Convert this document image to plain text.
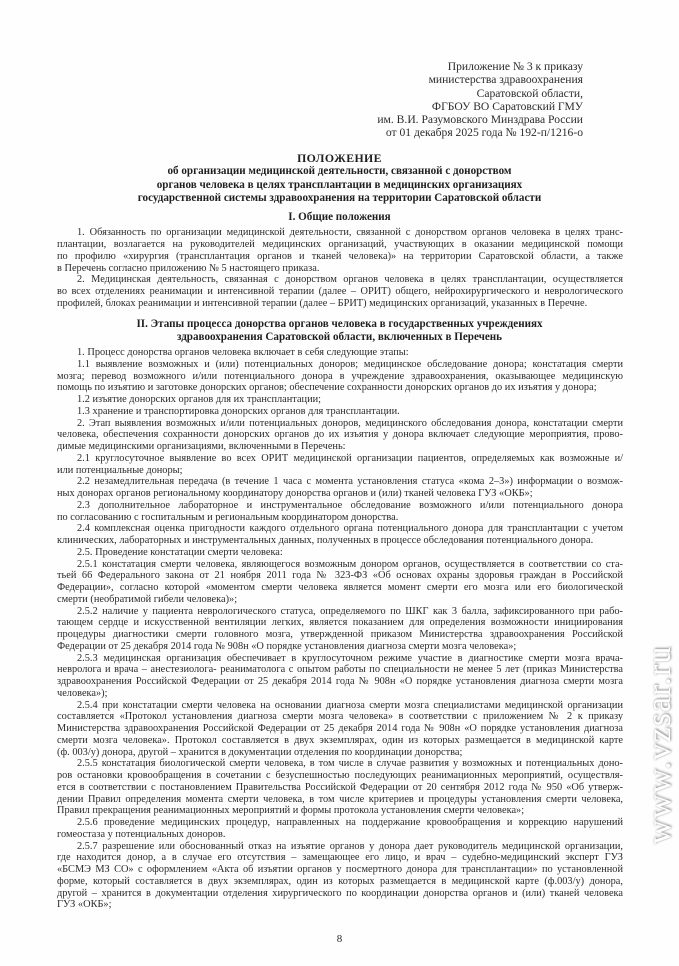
Приложение № 3 к приказу
министерства здравоохранения
Саратовской области,
ФГБОУ ВО Саратовский ГМУ
им. В.И. Разумовского Минздрава России
от 01 декабря 2025 года № 192-п/1216-о
ПОЛОЖЕНИЕ
об организации медицинской деятельности, связанной с донорством
органов человека в целях трансплантации в медицинских организациях
государственной системы здравоохранения на территории Саратовской области
I. Общие положения
1. Обязанность по организации медицинской деятельности, связанной с донорством органов человека в целях транс-
плантации, возлагается на руководителей медицинских организаций, участвующих в оказании медицинской помощи
по профилю «хирургия (трансплантация органов и тканей человека)» на территории Саратовской области, а также
в Перечень согласно приложению № 5 настоящего приказа.
2. Медицинская деятельность, связанная с донорством органов человека в целях трансплантации, осуществляется
во всех отделениях реанимации и интенсивной терапии (далее – ОРИТ) общего, нейрохирургического и неврологического
профилей, блоках реанимации и интенсивной терапии (далее – БРИТ) медицинских организаций, указанных в Перечне.
II. Этапы процесса донорства органов человека в государственных учреждениях
здравоохранения Саратовской области, включенных в Перечень
1. Процесс донорства органов человека включает в себя следующие этапы:
1.1 выявление возможных и (или) потенциальных доноров; медицинское обследование донора; констатация смерти
мозга; перевод возможного и/или потенциального донора в учреждение здравоохранения, оказывающее медицинскую
помощь по изъятию и заготовке донорских органов; обеспечение сохранности донорских органов до их изъятия у донора;
1.2 изъятие донорских органов для их трансплантации;
1.3 хранение и транспортировка донорских органов для трансплантации.
2. Этап выявления возможных и/или потенциальных доноров, медицинского обследования донора, констатации смерти
человека, обеспечения сохранности донорских органов до их изъятия у донора включает следующие мероприятия, прово-
димые медицинскими организациями, включенными в Перечень:
2.1 круглосуточное выявление во всех ОРИТ медицинской организации пациентов, определяемых как возможные и/
или потенциальные доноры;
2.2 незамедлительная передача (в течение 1 часа с момента установления статуса «кома 2–3») информации о возмож-
ных донорах органов региональному координатору донорства органов и (или) тканей человека ГУЗ «ОКБ»;
2.3 дополнительное лабораторное и инструментальное обследование возможного и/или потенциального донора
по согласованию с госпитальным и региональным координатором донорства.
2.4 комплексная оценка пригодности каждого отдельного органа потенциального донора для трансплантации с учетом
клинических, лабораторных и инструментальных данных, полученных в процессе обследования потенциального донора.
2.5. Проведение констатации смерти человека:
2.5.1 констатация смерти человека, являющегося возможным донором органов, осуществляется в соответствии со ста-
тьей 66 Федерального закона от 21 ноября 2011 года № 323-ФЗ «Об основах охраны здоровья граждан в Российской
Федерации», согласно которой «моментом смерти человека является момент смерти его мозга или его биологической
смерти (необратимой гибели человека)»;
2.5.2 наличие у пациента неврологического статуса, определяемого по ШКГ как 3 балла, зафиксированного при рабо-
тающем сердце и искусственной вентиляции легких, является показанием для определения возможности инициирования
процедуры диагностики смерти головного мозга, утвержденной приказом Министерства здравоохранения Российской
Федерации от 25 декабря 2014 года № 908н «О порядке установления диагноза смерти мозга человека»;
2.5.3 медицинская организация обеспечивает в круглосуточном режиме участие в диагностике смерти мозга врача-
невролога и врача – анестезиолога- реаниматолога с опытом работы по специальности не менее 5 лет (приказ Министерства
здравоохранения Российской Федерации от 25 декабря 2014 года № 908н «О порядке установления диагноза смерти мозга
человека»);
2.5.4 при констатации смерти человека на основании диагноза смерти мозга специалистами медицинской организации
составляется «Протокол установления диагноза смерти мозга человека» в соответствии с приложением № 2 к приказу
Министерства здравоохранения Российской Федерации от 25 декабря 2014 года № 908н «О порядке установления диагноза
смерти мозга человека». Протокол составляется в двух экземплярах, один из которых размещается в медицинской карте
(ф. 003/у) донора, другой – хранится в документации отделения по координации донорства;
2.5.5 констатация биологической смерти человека, в том числе в случае развития у возможных и потенциальных доно-
ров остановки кровообращения в сочетании с безуспешностью последующих реанимационных мероприятий, осуществля-
ется в соответствии с постановлением Правительства Российской Федерации от 20 сентября 2012 года № 950 «Об утверж-
дении Правил определения момента смерти человека, в том числе критериев и процедуры установления смерти человека,
Правил прекращения реанимационных мероприятий и формы протокола установления смерти человека»;
2.5.6 проведение медицинских процедур, направленных на поддержание кровообращения и коррекцию нарушений
гомеостаза у потенциальных доноров.
2.5.7 разрешение или обоснованный отказ на изъятие органов у донора дает руководитель медицинской организации,
где находится донор, а в случае его отсутствия – замещающее его лицо, и врач – судебно-медицинский эксперт ГУЗ
«БСМЭ МЗ СО» с оформлением «Акта об изъятии органов у посмертного донора для трансплантации» по установленной
форме, который составляется в двух экземплярах, один из которых размещается в медицинской карте (ф.003/у) донора,
другой – хранится в документации отделения хирургического по координации донорства органов и (или) тканей человека
ГУЗ «ОКБ»;
8
www.vzsar.ru
